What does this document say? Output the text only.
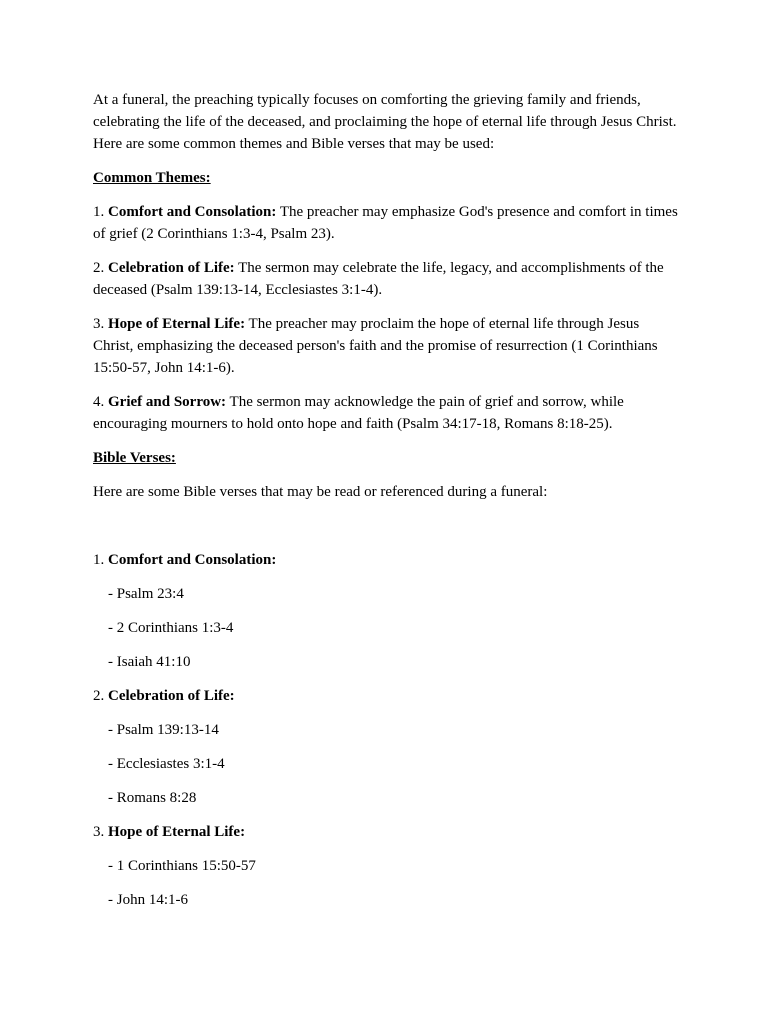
At a funeral, the preaching typically focuses on comforting the grieving family and friends, celebrating the life of the deceased, and proclaiming the hope of eternal life through Jesus Christ. Here are some common themes and Bible verses that may be used:

Common Themes:

1. Comfort and Consolation: The preacher may emphasize God's presence and comfort in times of grief (2 Corinthians 1:3-4, Psalm 23).

2. Celebration of Life: The sermon may celebrate the life, legacy, and accomplishments of the deceased (Psalm 139:13-14, Ecclesiastes 3:1-4).

3. Hope of Eternal Life: The preacher may proclaim the hope of eternal life through Jesus Christ, emphasizing the deceased person's faith and the promise of resurrection (1 Corinthians 15:50-57, John 14:1-6).

4. Grief and Sorrow: The sermon may acknowledge the pain of grief and sorrow, while encouraging mourners to hold onto hope and faith (Psalm 34:17-18, Romans 8:18-25).

Bible Verses:

Here are some Bible verses that may be read or referenced during a funeral:

1. Comfort and Consolation:

- Psalm 23:4

- 2 Corinthians 1:3-4

- Isaiah 41:10

2. Celebration of Life:

- Psalm 139:13-14

- Ecclesiastes 3:1-4

- Romans 8:28

3. Hope of Eternal Life:

- 1 Corinthians 15:50-57

- John 14:1-6
